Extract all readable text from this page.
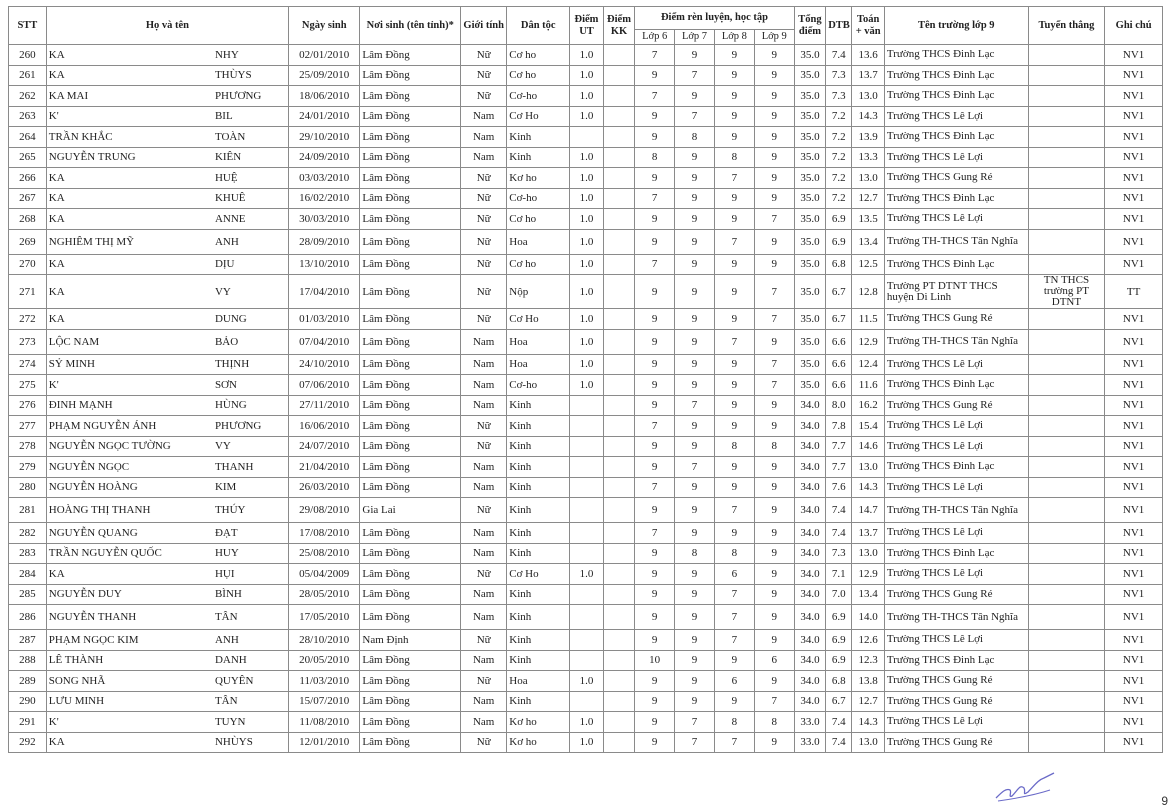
STT	Họ và tên		Ngày sinh	Nơi sinh (tên tỉnh)*	Giới tính	Dân tộc	Điểm UT	Điểm KK	Điểm rèn luyện, học tập				Tổng điểm	DTB	Toán + văn	Tên trường lớp 9	Tuyển thẳng	Ghi chú
									Lớp 6	Lớp 7	Lớp 8	Lớp 9						
260	KA	NHY	02/01/2010	Lâm Đồng	Nữ	Cơ ho	1.0		7	9	9	9	35.0	7.4	13.6	Trường THCS Đinh Lạc		NV1
261	KA	THÙYS	25/09/2010	Lâm Đồng	Nữ	Cơ ho	1.0		9	7	9	9	35.0	7.3	13.7	Trường THCS Đinh Lạc		NV1
262	KA MAI	PHƯƠNG	18/06/2010	Lâm Đồng	Nữ	Cơ-ho	1.0		7	9	9	9	35.0	7.3	13.0	Trường THCS Đinh Lạc		NV1
263	K'	BIL	24/01/2010	Lâm Đồng	Nam	Cơ Ho	1.0		9	7	9	9	35.0	7.2	14.3	Trường THCS Lê Lợi		NV1
264	TRẦN KHẮC	TOÀN	29/10/2010	Lâm Đồng	Nam	Kinh			9	8	9	9	35.0	7.2	13.9	Trường THCS Đinh Lạc		NV1
265	NGUYỄN TRUNG	KIÊN	24/09/2010	Lâm Đồng	Nam	Kinh	1.0		8	9	8	9	35.0	7.2	13.3	Trường THCS Lê Lợi		NV1
266	KA	HUỆ	03/03/2010	Lâm Đồng	Nữ	Kơ ho	1.0		9	9	7	9	35.0	7.2	13.0	Trường THCS Gung Ré		NV1
267	KA	KHUÊ	16/02/2010	Lâm Đồng	Nữ	Cơ-ho	1.0		7	9	9	9	35.0	7.2	12.7	Trường THCS Đinh Lạc		NV1
268	KA	ANNE	30/03/2010	Lâm Đồng	Nữ	Cơ ho	1.0		9	9	9	7	35.0	6.9	13.5	Trường THCS Lê Lợi		NV1
269	NGHIÊM THỊ MỸ	ANH	28/09/2010	Lâm Đồng	Nữ	Hoa	1.0		9	9	7	9	35.0	6.9	13.4	Trường TH-THCS Tân Nghĩa		NV1
270	KA	DỊU	13/10/2010	Lâm Đồng	Nữ	Cơ ho	1.0		7	9	9	9	35.0	6.8	12.5	Trường THCS Đinh Lạc		NV1
271	KA	VY	17/04/2010	Lâm Đồng	Nữ	Nộp	1.0		9	9	9	7	35.0	6.7	12.8	Trường PT DTNT THCS huyện Di Linh	TN THCS trường PT DTNT	TT
272	KA	DUNG	01/03/2010	Lâm Đồng	Nữ	Cơ Ho	1.0		9	9	9	7	35.0	6.7	11.5	Trường THCS Gung Ré		NV1
273	LỘC NAM	BẢO	07/04/2010	Lâm Đồng	Nam	Hoa	1.0		9	9	7	9	35.0	6.6	12.9	Trường TH-THCS Tân Nghĩa		NV1
274	SỶ MINH	THỊNH	24/10/2010	Lâm Đồng	Nam	Hoa	1.0		9	9	9	7	35.0	6.6	12.4	Trường THCS Lê Lợi		NV1
275	K'	SƠN	07/06/2010	Lâm Đồng	Nam	Cơ-ho	1.0		9	9	9	7	35.0	6.6	11.6	Trường THCS Đinh Lạc		NV1
276	ĐINH MẠNH	HÙNG	27/11/2010	Lâm Đồng	Nam	Kinh			9	7	9	9	34.0	8.0	16.2	Trường THCS Gung Ré		NV1
277	PHẠM NGUYỄN ÁNH	PHƯƠNG	16/06/2010	Lâm Đồng	Nữ	Kinh			7	9	9	9	34.0	7.8	15.4	Trường THCS Lê Lợi		NV1
278	NGUYỄN NGỌC TƯỜNG	VY	24/07/2010	Lâm Đồng	Nữ	Kinh			9	9	8	8	34.0	7.7	14.6	Trường THCS Lê Lợi		NV1
279	NGUYỄN NGỌC	THANH	21/04/2010	Lâm Đồng	Nam	Kinh			9	7	9	9	34.0	7.7	13.0	Trường THCS Đinh Lạc		NV1
280	NGUYỄN HOÀNG	KIM	26/03/2010	Lâm Đồng	Nam	Kinh			7	9	9	9	34.0	7.6	14.3	Trường THCS Lê Lợi		NV1
281	HOÀNG THỊ THANH	THÚY	29/08/2010	Gia Lai	Nữ	Kinh			9	9	7	9	34.0	7.4	14.7	Trường TH-THCS Tân Nghĩa		NV1
282	NGUYỄN QUANG	ĐẠT	17/08/2010	Lâm Đồng	Nam	Kinh			7	9	9	9	34.0	7.4	13.7	Trường THCS Lê Lợi		NV1
283	TRẦN NGUYỄN QUỐC	HUY	25/08/2010	Lâm Đồng	Nam	Kinh			9	8	8	9	34.0	7.3	13.0	Trường THCS Đinh Lạc		NV1
284	KA	HỤI	05/04/2009	Lâm Đồng	Nữ	Cơ Ho	1.0		9	9	6	9	34.0	7.1	12.9	Trường THCS Lê Lợi		NV1
285	NGUYỄN DUY	BÌNH	28/05/2010	Lâm Đồng	Nam	Kinh			9	9	7	9	34.0	7.0	13.4	Trường THCS Gung Ré		NV1
286	NGUYỄN THANH	TÂN	17/05/2010	Lâm Đồng	Nam	Kinh			9	9	7	9	34.0	6.9	14.0	Trường TH-THCS Tân Nghĩa		NV1
287	PHẠM NGỌC KIM	ANH	28/10/2010	Nam Định	Nữ	Kinh			9	9	7	9	34.0	6.9	12.6	Trường THCS Lê Lợi		NV1
288	LÊ THÀNH	DANH	20/05/2010	Lâm Đồng	Nam	Kinh			10	9	9	6	34.0	6.9	12.3	Trường THCS Đinh Lạc		NV1
289	SONG NHÃ	QUYÊN	11/03/2010	Lâm Đồng	Nữ	Hoa	1.0		9	9	6	9	34.0	6.8	13.8	Trường THCS Gung Ré		NV1
290	LƯU MINH	TÂN	15/07/2010	Lâm Đồng	Nam	Kinh			9	9	9	7	34.0	6.7	12.7	Trường THCS Gung Ré		NV1
291	K'	TUYN	11/08/2010	Lâm Đồng	Nam	Kơ ho	1.0		9	7	8	8	33.0	7.4	14.3	Trường THCS Lê Lợi		NV1
292	KA	NHÙYS	12/01/2010	Lâm Đồng	Nữ	Kơ ho	1.0		9	7	7	9	33.0	7.4	13.0	Trường THCS Gung Ré		NV1
9
